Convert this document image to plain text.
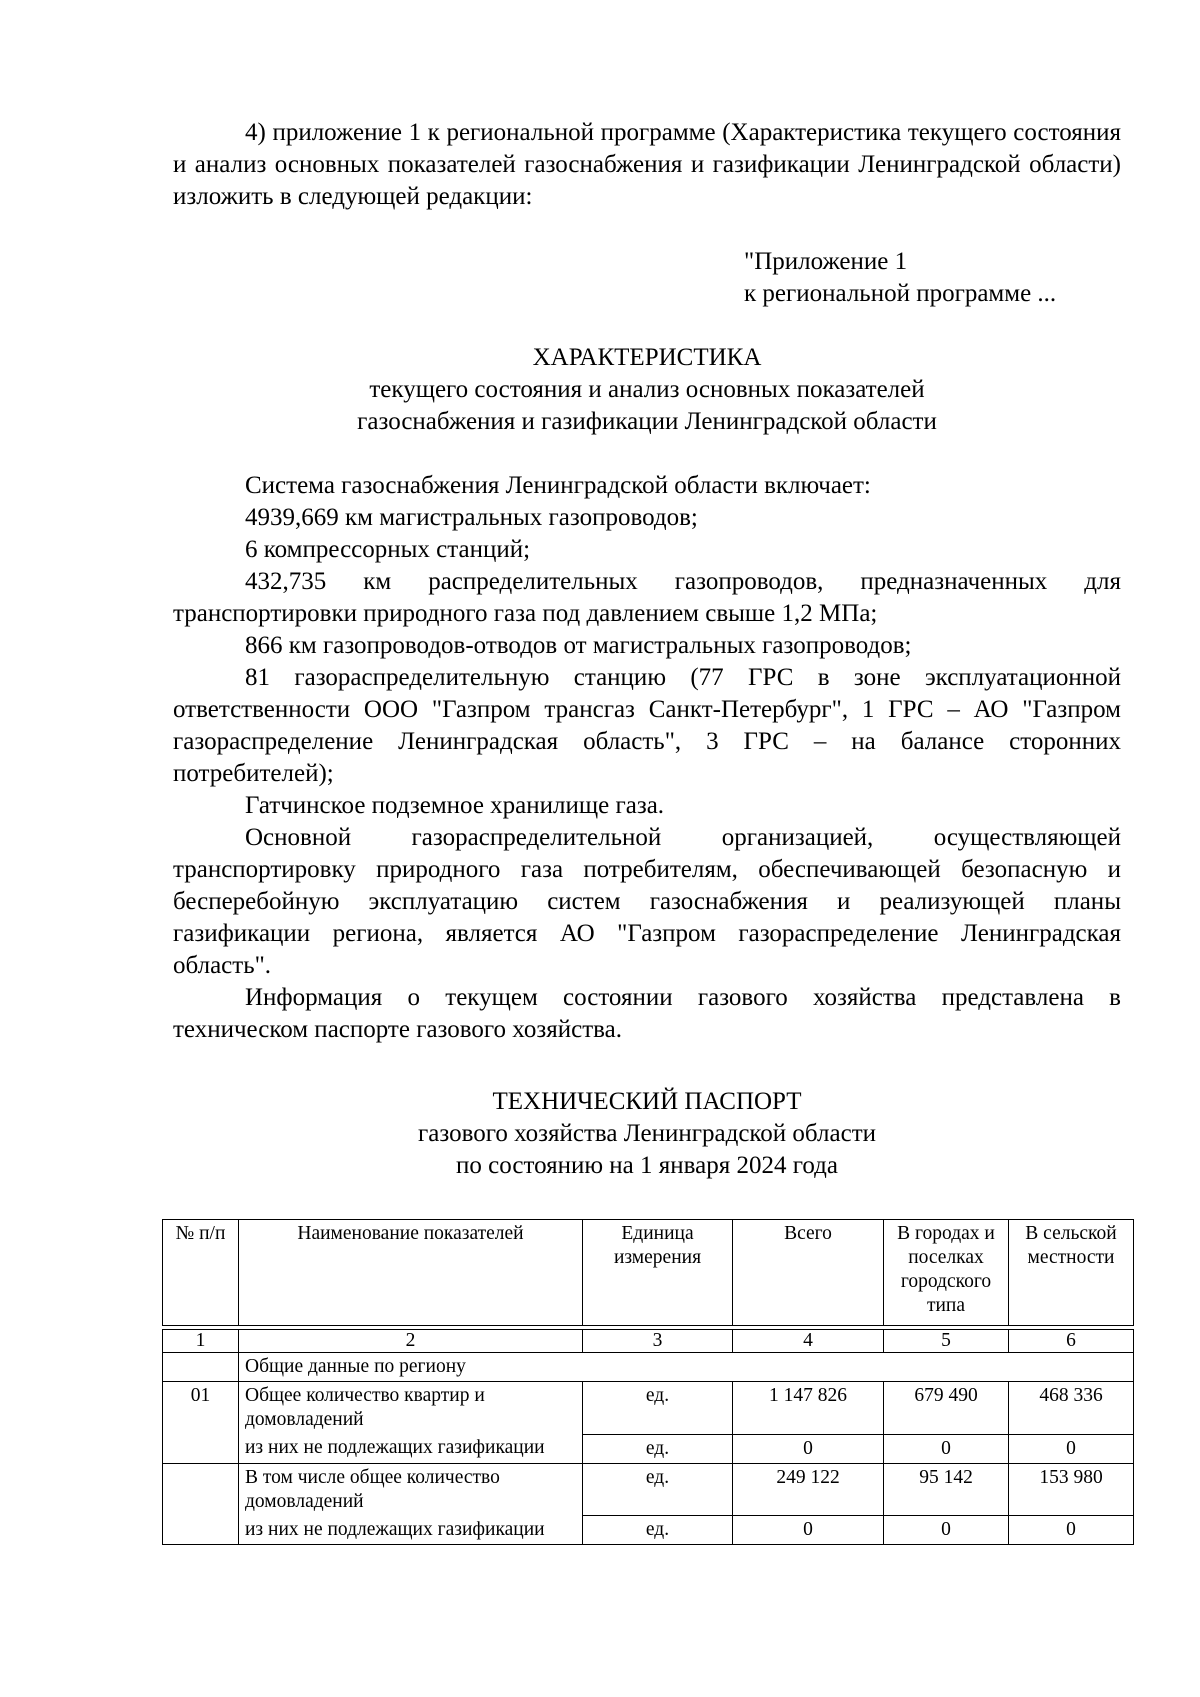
4) приложение 1 к региональной программе (Характеристика текущего состояния и анализ основных показателей газоснабжения и газификации Ленинградской области) изложить в следующей редакции:

"Приложение 1

к региональной программе ...

ХАРАКТЕРИСТИКА

текущего состояния и анализ основных показателей

газоснабжения и газификации Ленинградской области

Система газоснабжения Ленинградской области включает:

4939,669 км магистральных газопроводов;

6 компрессорных станций;

432,735 км распределительных газопроводов, предназначенных для транспортировки природного газа под давлением свыше 1,2 МПа;

866 км газопроводов-отводов от магистральных газопроводов;

81 газораспределительную станцию (77 ГРС в зоне эксплуатационной ответственности ООО "Газпром трансгаз Санкт-Петербург", 1 ГРС – АО "Газпром газораспределение Ленинградская область", 3 ГРС – на балансе сторонних потребителей);

Гатчинское подземное хранилище газа.

Основной газораспределительной организацией, осуществляющей транспортировку природного газа потребителям, обеспечивающей безопасную и бесперебойную эксплуатацию систем газоснабжения и реализующей планы газификации региона, является АО "Газпром газораспределение Ленинградская область".

Информация о текущем состоянии газового хозяйства представлена в техническом паспорте газового хозяйства.

ТЕХНИЧЕСКИЙ ПАСПОРТ

газового хозяйства Ленинградской области

по состоянию на 1 января 2024 года

№ п/п	Наименование показателей	Единица измерения	Всего	В городах и поселках городского типа	В сельской местности

1	2	3	4	5	6
	Общие данные по региону				
01	Общее количество квартир и домовладений	ед.	1 147 826	679 490	468 336
	из них не подлежащих газификации	ед.	0	0	0
	В том числе общее количество домовладений	ед.	249 122	95 142	153 980
	из них не подлежащих газификации	ед.	0	0	0
